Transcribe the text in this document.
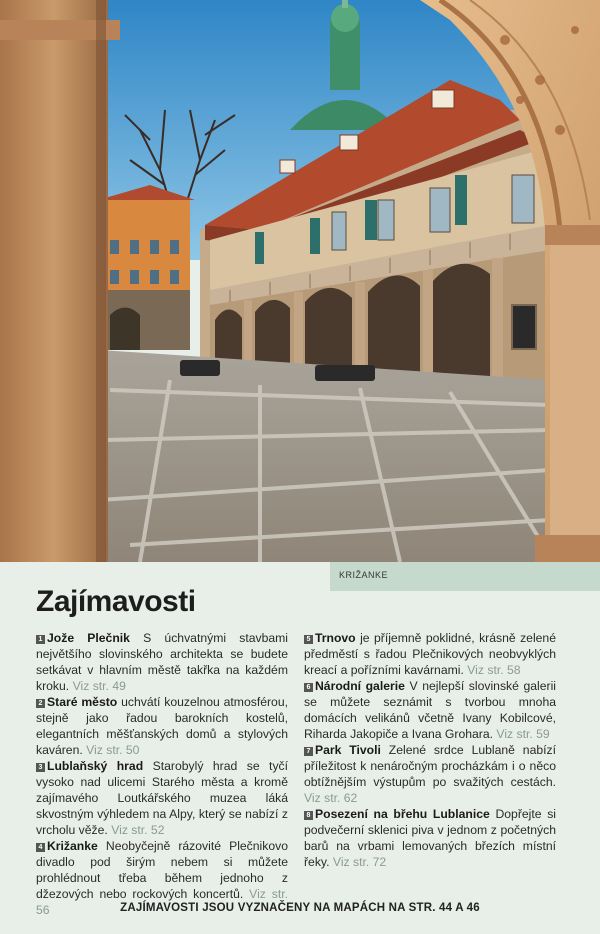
KRIŽANKE
Zajímavosti

1 Jože Plečnik S úchvatnými stavbami největšího slovinského architekta se budete setkávat v hlavním městě takřka na každém kroku. Viz str. 49

2 Staré město uchvátí kouzelnou atmosférou, stejně jako řadou barokních kostelů, elegantních měšťanských domů a stylových kaváren. Viz str. 50

3 Lublaňský hrad Starobylý hrad se tyčí vysoko nad ulicemi Starého města a kromě zajímavého Loutkářského muzea láká skvostným výhledem na Alpy, který se nabízí z vrcholu věže. Viz str. 52

4 Križanke Neobyčejně rázovité Plečnikovo divadlo pod širým nebem si můžete prohlédnout třeba během jednoho z džezových nebo rockových koncertů. Viz str. 56

5 Trnovo je příjemně poklidné, krásně zelené předměstí s řadou Plečnikových neobvyklých kreací a pořízními kavárnami. Viz str. 58

6 Národní galerie V nejlepší slovinské galerii se můžete seznámit s tvorbou mnoha domácích velikánů včetně Ivany Kobilcové, Riharda Jakopiče a Ivana Grohara. Viz str. 59

7 Park Tivoli Zelené srdce Lublaně nabízí příležitost k nenáročným procházkám i o něco obtížnějším výstupům po svažitých cestách. Viz str. 62

8 Posezení na břehu Lublanice Dopřejte si podvečerní sklenici piva v jednom z početných barů na vrbami lemovaných březích místní řeky. Viz str. 72

ZAJÍMAVOSTI JSOU VYZNAČENY NA MAPÁCH NA STR. 44 A 46
